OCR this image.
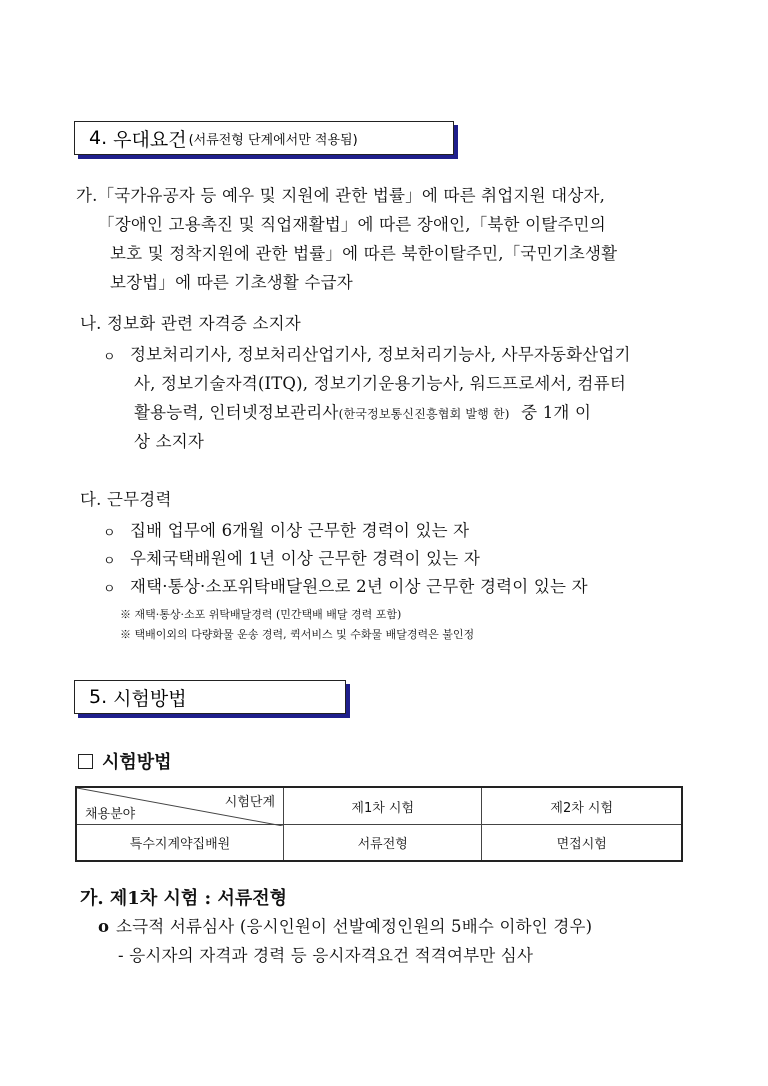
4. 우대요건 (서류전형 단계에서만 적용됨)
가.「국가유공자 등 예우 및 지원에 관한 법률」에 따른 취업지원 대상자,
「장애인 고용촉진 및 직업재활법」에 따른 장애인,「북한 이탈주민의
보호 및 정착지원에 관한 법률」에 따른 북한이탈주민,「국민기초생활
보장법」에 따른 기초생활 수급자
나. 정보화 관련 자격증 소지자
ㅇ 정보처리기사, 정보처리산업기사, 정보처리기능사, 사무자동화산업기
사, 정보기술자격(ITQ), 정보기기운용기능사, 워드프로세서, 컴퓨터
활용능력, 인터넷정보관리사(한국정보통신진흥협회 발행 한) 중 1개 이
상 소지자
다. 근무경력
ㅇ 집배 업무에 6개월 이상 근무한 경력이 있는 자
ㅇ 우체국택배원에 1년 이상 근무한 경력이 있는 자
ㅇ 재택·통상·소포위탁배달원으로 2년 이상 근무한 경력이 있는 자
※ 재택·통상·소포 위탁배달경력 (민간택배 배달 경력 포함)
※ 택배이외의 다량화물 운송 경력, 퀵서비스 및 수화물 배달경력은 불인정
5. 시험방법
시험방법
시험단계
채용분야	제1차 시험	제2차 시험
특수지계약집배원	서류전형	면접시험
가. 제1차 시험 : 서류전형
o 소극적 서류심사 (응시인원이 선발예정인원의 5배수 이하인 경우)
- 응시자의 자격과 경력 등 응시자격요건 적격여부만 심사
